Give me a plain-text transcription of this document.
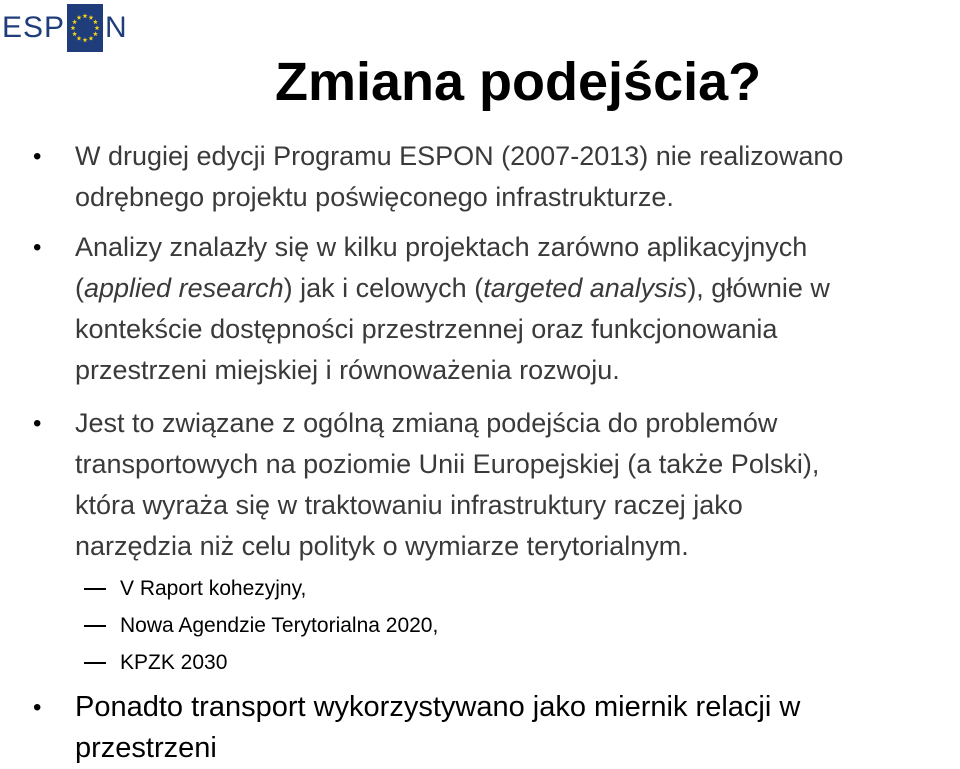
ESP N
Zmiana podejścia?
• W drugiej edycji Programu ESPON (2007-2013) nie realizowano
odrębnego projektu poświęconego infrastrukturze.
• Analizy znalazły się w kilku projektach zarówno aplikacyjnych
(applied research) jak i celowych (targeted analysis), głównie w
kontekście dostępności przestrzennej oraz funkcjonowania
przestrzeni miejskiej i równoważenia rozwoju.
• Jest to związane z ogólną zmianą podejścia do problemów
transportowych na poziomie Unii Europejskiej (a także Polski),
która wyraża się w traktowaniu infrastruktury raczej jako
narzędzia niż celu polityk o wymiarze terytorialnym.
V Raport kohezyjny,
Nowa Agendzie Terytorialna 2020,
KPZK 2030
• Ponadto transport wykorzystywano jako miernik relacji w
przestrzeni
